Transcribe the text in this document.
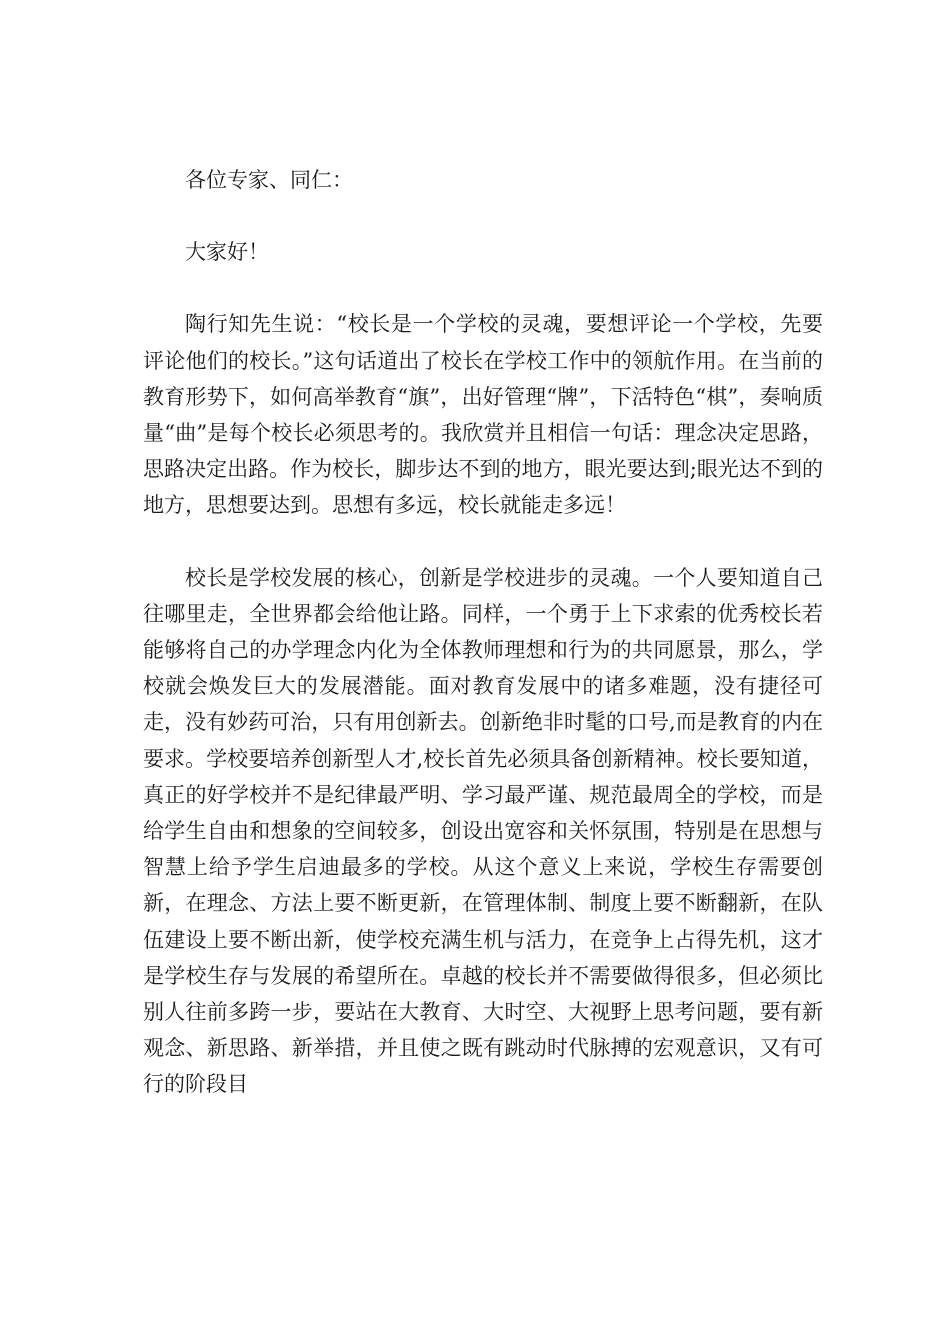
各位专家、同仁：

大家好！

陶行知先生说：“校长是一个学校的灵魂，要想评论一个学校，先要评论他们的校长。”这句话道出了校长在学校工作中的领航作用。在当前的教育形势下，如何高举教育“旗”，出好管理“牌”，下活特色“棋”，奏响质量“曲”是每个校长必须思考的。我欣赏并且相信一句话：理念决定思路，思路决定出路。作为校长，脚步达不到的地方，眼光要达到;眼光达不到的地方，思想要达到。思想有多远，校长就能走多远！

校长是学校发展的核心，创新是学校进步的灵魂。一个人要知道自己往哪里走，全世界都会给他让路。同样，一个勇于上下求索的优秀校长若能够将自己的办学理念内化为全体教师理想和行为的共同愿景，那么，学校就会焕发巨大的发展潜能。面对教育发展中的诸多难题，没有捷径可走，没有妙药可治，只有用创新去。创新绝非时髦的口号,而是教育的内在要求。学校要培养创新型人才,校长首先必须具备创新精神。校长要知道，真正的好学校并不是纪律最严明、学习最严谨、规范最周全的学校，而是给学生自由和想象的空间较多，创设出宽容和关怀氛围，特别是在思想与智慧上给予学生启迪最多的学校。从这个意义上来说，学校生存需要创新，在理念、方法上要不断更新，在管理体制、制度上要不断翻新，在队伍建设上要不断出新，使学校充满生机与活力，在竞争上占得先机，这才是学校生存与发展的希望所在。卓越的校长并不需要做得很多，但必须比别人往前多跨一步，要站在大教育、大时空、大视野上思考问题，要有新观念、新思路、新举措，并且使之既有跳动时代脉搏的宏观意识，又有可行的阶段目
